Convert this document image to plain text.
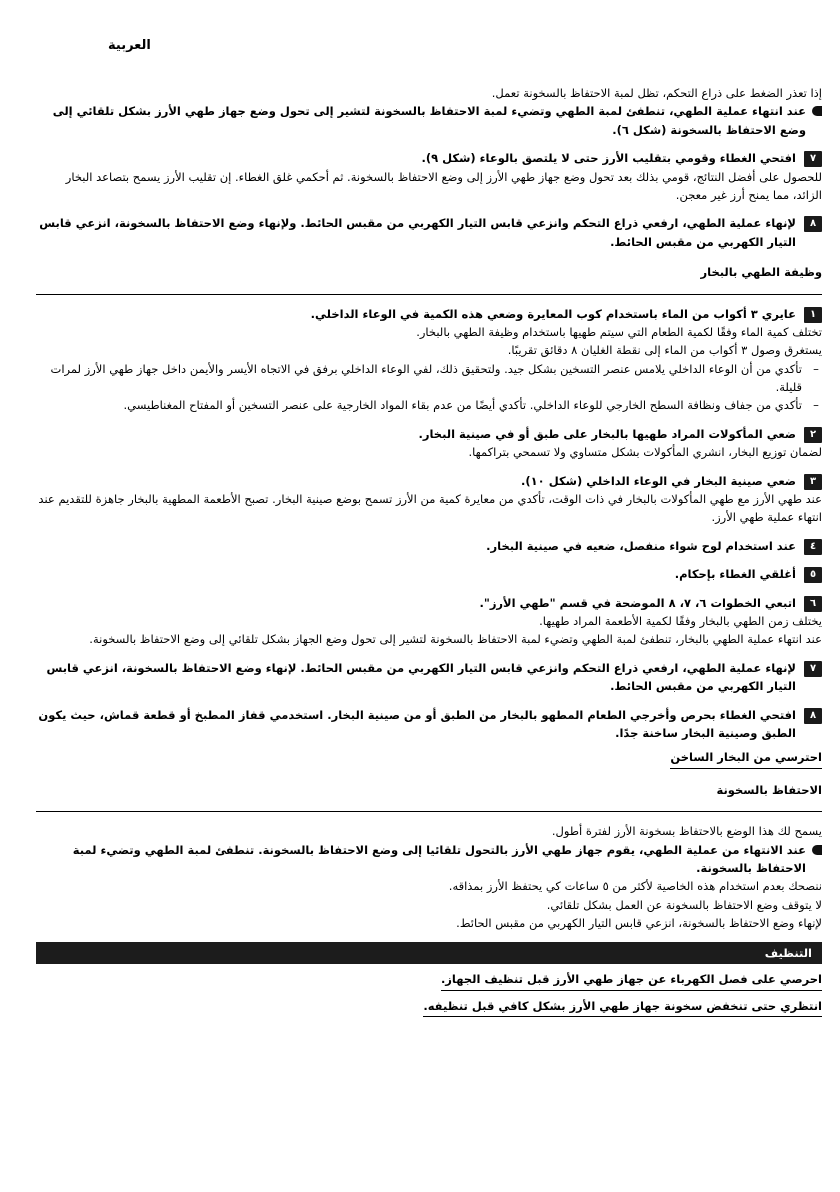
العربية

إذا تعذر الضغط على ذراع التحكم، تظل لمبة الاحتفاظ بالسخونة تعمل.

عند انتهاء عملية الطهي، تنطفئ لمبة الطهي وتضيء لمبة الاحتفاظ بالسخونة لتشير إلى تحول وضع جهاز طهي الأرز بشكل تلقائي إلى وضع الاحتفاظ بالسخونة (شكل ٦).

٧

افتحي الغطاء وقومي بتقليب الأرز حتى لا يلتصق بالوعاء (شكل ٩).

للحصول على أفضل النتائج، قومي بذلك بعد تحول وضع جهاز طهي الأرز إلى وضع الاحتفاظ بالسخونة. ثم أحكمي غلق الغطاء. إن تقليب الأرز يسمح بتصاعد البخار الزائد، مما يمنح أرز غير معجن.

٨

لإنهاء عملية الطهي، ارفعي ذراع التحكم وانزعي قابس التيار الكهربي من مقبس الحائط. ولإنهاء وضع الاحتفاظ بالسخونة، انزعي قابس التيار الكهربي من مقبس الحائط.

وظيفة الطهي بالبخار
١

عايري ٣ أكواب من الماء باستخدام كوب المعايرة وضعي هذه الكمية في الوعاء الداخلي.

تختلف كمية الماء وفقًا لكمية الطعام التي سيتم طهيها باستخدام وظيفة الطهي بالبخار.

يستغرق وصول ٣ أكواب من الماء إلى نقطة الغليان ٨ دقائق تقريبًا.

–

تأكدي من أن الوعاء الداخلي يلامس عنصر التسخين بشكل جيد. ولتحقيق ذلك، لفي الوعاء الداخلي برفق في الاتجاه الأيسر والأيمن داخل جهاز طهي الأرز لمرات قليلة.

–

تأكدي من جفاف ونظافة السطح الخارجي للوعاء الداخلي. تأكدي أيضًا من عدم بقاء المواد الخارجية على عنصر التسخين أو المفتاح المغناطيسي.

٢

ضعي المأكولات المراد طهيها بالبخار على طبق أو في صينية البخار.

لضمان توزيع البخار، انشري المأكولات بشكل متساوي ولا تسمحي بتراكمها.

٣

ضعي صينية البخار في الوعاء الداخلي (شكل ١٠).

عند طهي الأرز مع طهي المأكولات بالبخار في ذات الوقت، تأكدي من معايرة كمية من الأرز تسمح بوضع صينية البخار. تصبح الأطعمة المطهية بالبخار جاهزة للتقديم عند انتهاء عملية طهي الأرز.

٤

عند استخدام لوح شواء منفصل، ضعيه في صينية البخار.

٥

أغلقي الغطاء بإحكام.

٦

اتبعي الخطوات ٦، ٧، ٨ الموضحة في قسم "طهي الأرز".

يختلف زمن الطهي بالبخار وفقًا لكمية الأطعمة المراد طهيها.

عند انتهاء عملية الطهي بالبخار، تنطفئ لمبة الطهي وتضيء لمبة الاحتفاظ بالسخونة لتشير إلى تحول وضع الجهاز بشكل تلقائي إلى وضع الاحتفاظ بالسخونة.

٧

لإنهاء عملية الطهي، ارفعي ذراع التحكم وانزعي قابس التيار الكهربي من مقبس الحائط. لإنهاء وضع الاحتفاظ بالسخونة، انزعي قابس التيار الكهربي من مقبس الحائط.

٨

افتحي الغطاء بحرص وأخرجي الطعام المطهو بالبخار من الطبق أو من صينية البخار. استخدمي قفاز المطبخ أو قطعة قماش، حيث يكون الطبق وصينية البخار ساخنة جدًا.

احترسي من البخار الساخن
الاحتفاظ بالسخونة

يسمح لك هذا الوضع بالاحتفاظ بسخونة الأرز لفترة أطول.

عند الانتهاء من عملية الطهي، يقوم جهاز طهي الأرز بالتحول تلقائيا إلى وضع الاحتفاظ بالسخونة. تنطفئ لمبة الطهي وتضيء لمبة الاحتفاظ بالسخونة.

ننصحك بعدم استخدام هذه الخاصية لأكثر من ٥ ساعات كي يحتفظ الأرز بمذاقه.

لا يتوقف وضع الاحتفاظ بالسخونة عن العمل بشكل تلقائي.

لإنهاء وضع الاحتفاظ بالسخونة، انزعي قابس التيار الكهربي من مقبس الحائط.

التنظيف
احرصي على فصل الكهرباء عن جهاز طهي الأرز قبل تنظيف الجهاز.
انتظري حتى تنخفض سخونة جهاز طهي الأرز بشكل كافي قبل تنظيفه.
